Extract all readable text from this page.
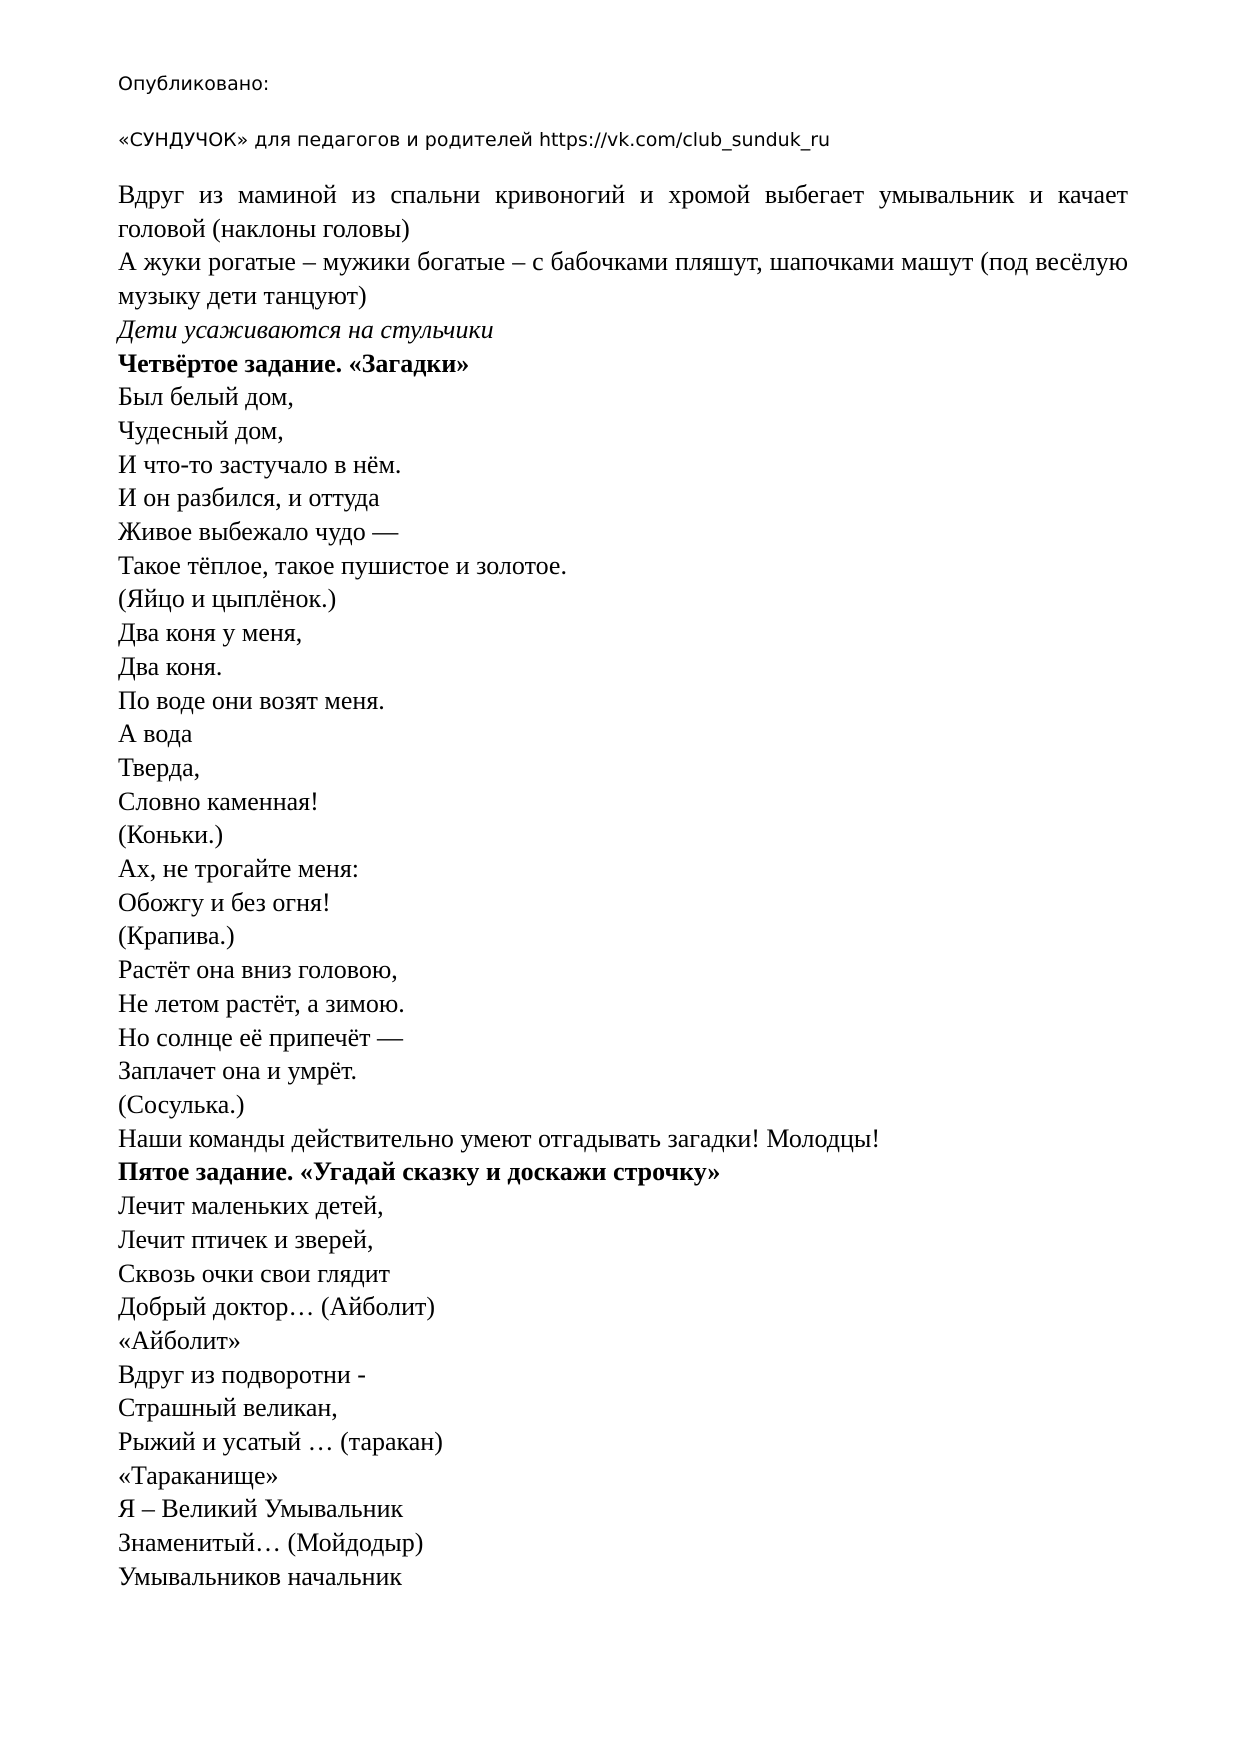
Опубликовано:
«СУНДУЧОК» для педагогов и родителей https://vk.com/club_sunduk_ru

Вдруг из маминой из спальни кривоногий и хромой выбегает умывальник и качает головой (наклоны головы)

А жуки рогатые – мужики богатые – с бабочками пляшут, шапочками машут (под весёлую музыку дети танцуют)

Дети усаживаются на стульчики

Четвёртое задание. «Загадки»

Был белый дом,

Чудесный дом,

И что-то застучало в нём.

И он разбился, и оттуда

Живое выбежало чудо —

Такое тёплое, такое пушистое и золотое.

(Яйцо и цыплёнок.)

Два коня у меня,

Два коня.

По воде они возят меня.

А вода

Тверда,

Словно каменная!

(Коньки.)

Ах, не трогайте меня:

Обожгу и без огня!

(Крапива.)

Растёт она вниз головою,

Не летом растёт, а зимою.

Но солнце её припечёт —

Заплачет она и умрёт.

(Сосулька.)

Наши команды действительно умеют отгадывать загадки! Молодцы!

Пятое задание. «Угадай сказку и доскажи строчку»

Лечит маленьких детей,

Лечит птичек и зверей,

Сквозь очки свои глядит

Добрый доктор… (Айболит)

«Айболит»

Вдруг из подворотни -

Страшный великан,

Рыжий и усатый … (таракан)

«Тараканище»

Я – Великий Умывальник

Знаменитый… (Мойдодыр)

Умывальников начальник
